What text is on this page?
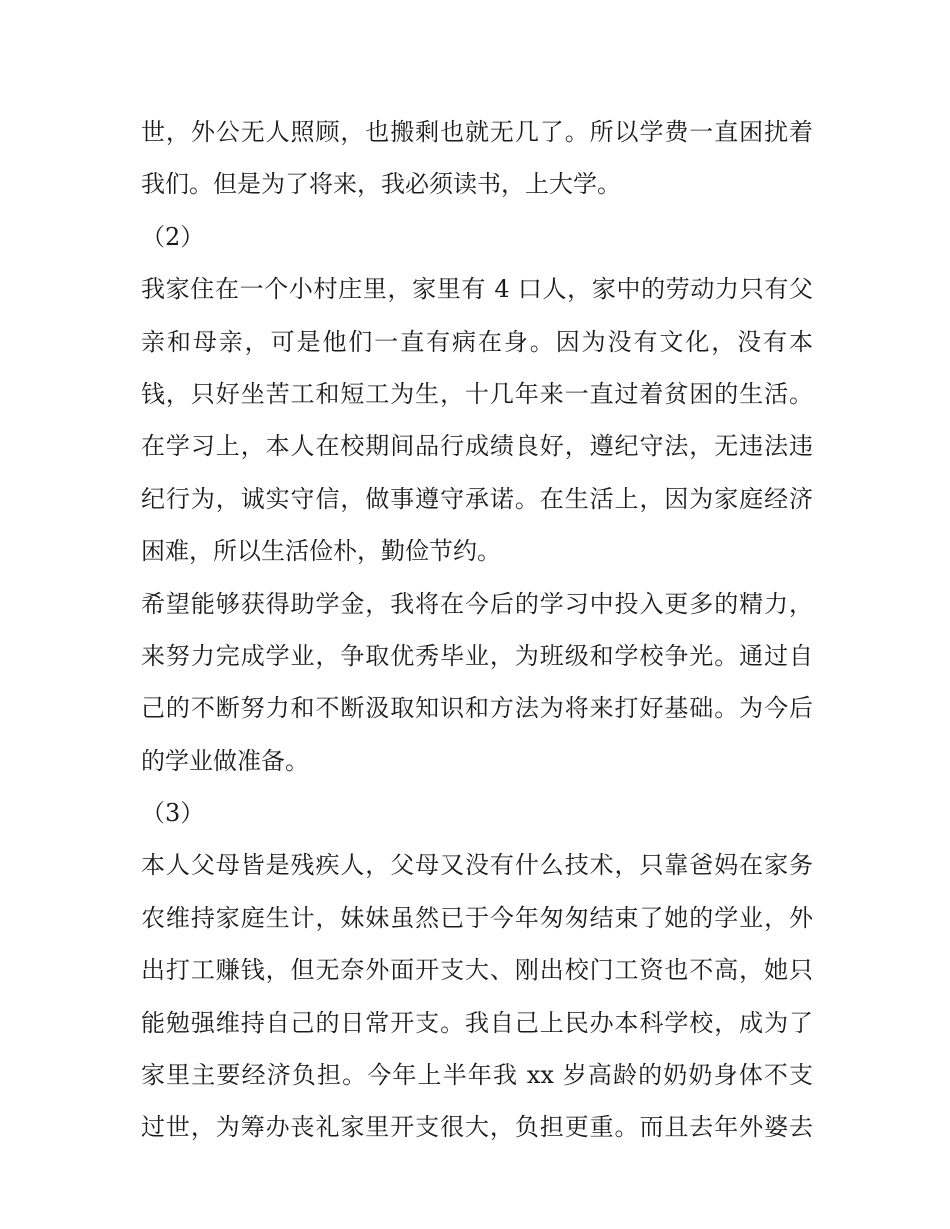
世，外公无人照顾，也搬剩也就无几了。所以学费一直困扰着
我们。但是为了将来，我必须读书，上大学。
（2）
我家住在一个小村庄里，家里有 4 口人，家中的劳动力只有父
亲和母亲，可是他们一直有病在身。因为没有文化，没有本
钱，只好坐苦工和短工为生，十几年来一直过着贫困的生活。
在学习上，本人在校期间品行成绩良好，遵纪守法，无违法违
纪行为，诚实守信，做事遵守承诺。在生活上，因为家庭经济
困难，所以生活俭朴，勤俭节约。
希望能够获得助学金，我将在今后的学习中投入更多的精力，
来努力完成学业，争取优秀毕业，为班级和学校争光。通过自
己的不断努力和不断汲取知识和方法为将来打好基础。为今后
的学业做准备。
（3）
本人父母皆是残疾人，父母又没有什么技术，只靠爸妈在家务
农维持家庭生计，妹妹虽然已于今年匆匆结束了她的学业，外
出打工赚钱，但无奈外面开支大、刚出校门工资也不高，她只
能勉强维持自己的日常开支。我自己上民办本科学校，成为了
家里主要经济负担。今年上半年我 xx 岁高龄的奶奶身体不支
过世，为筹办丧礼家里开支很大，负担更重。而且去年外婆去
